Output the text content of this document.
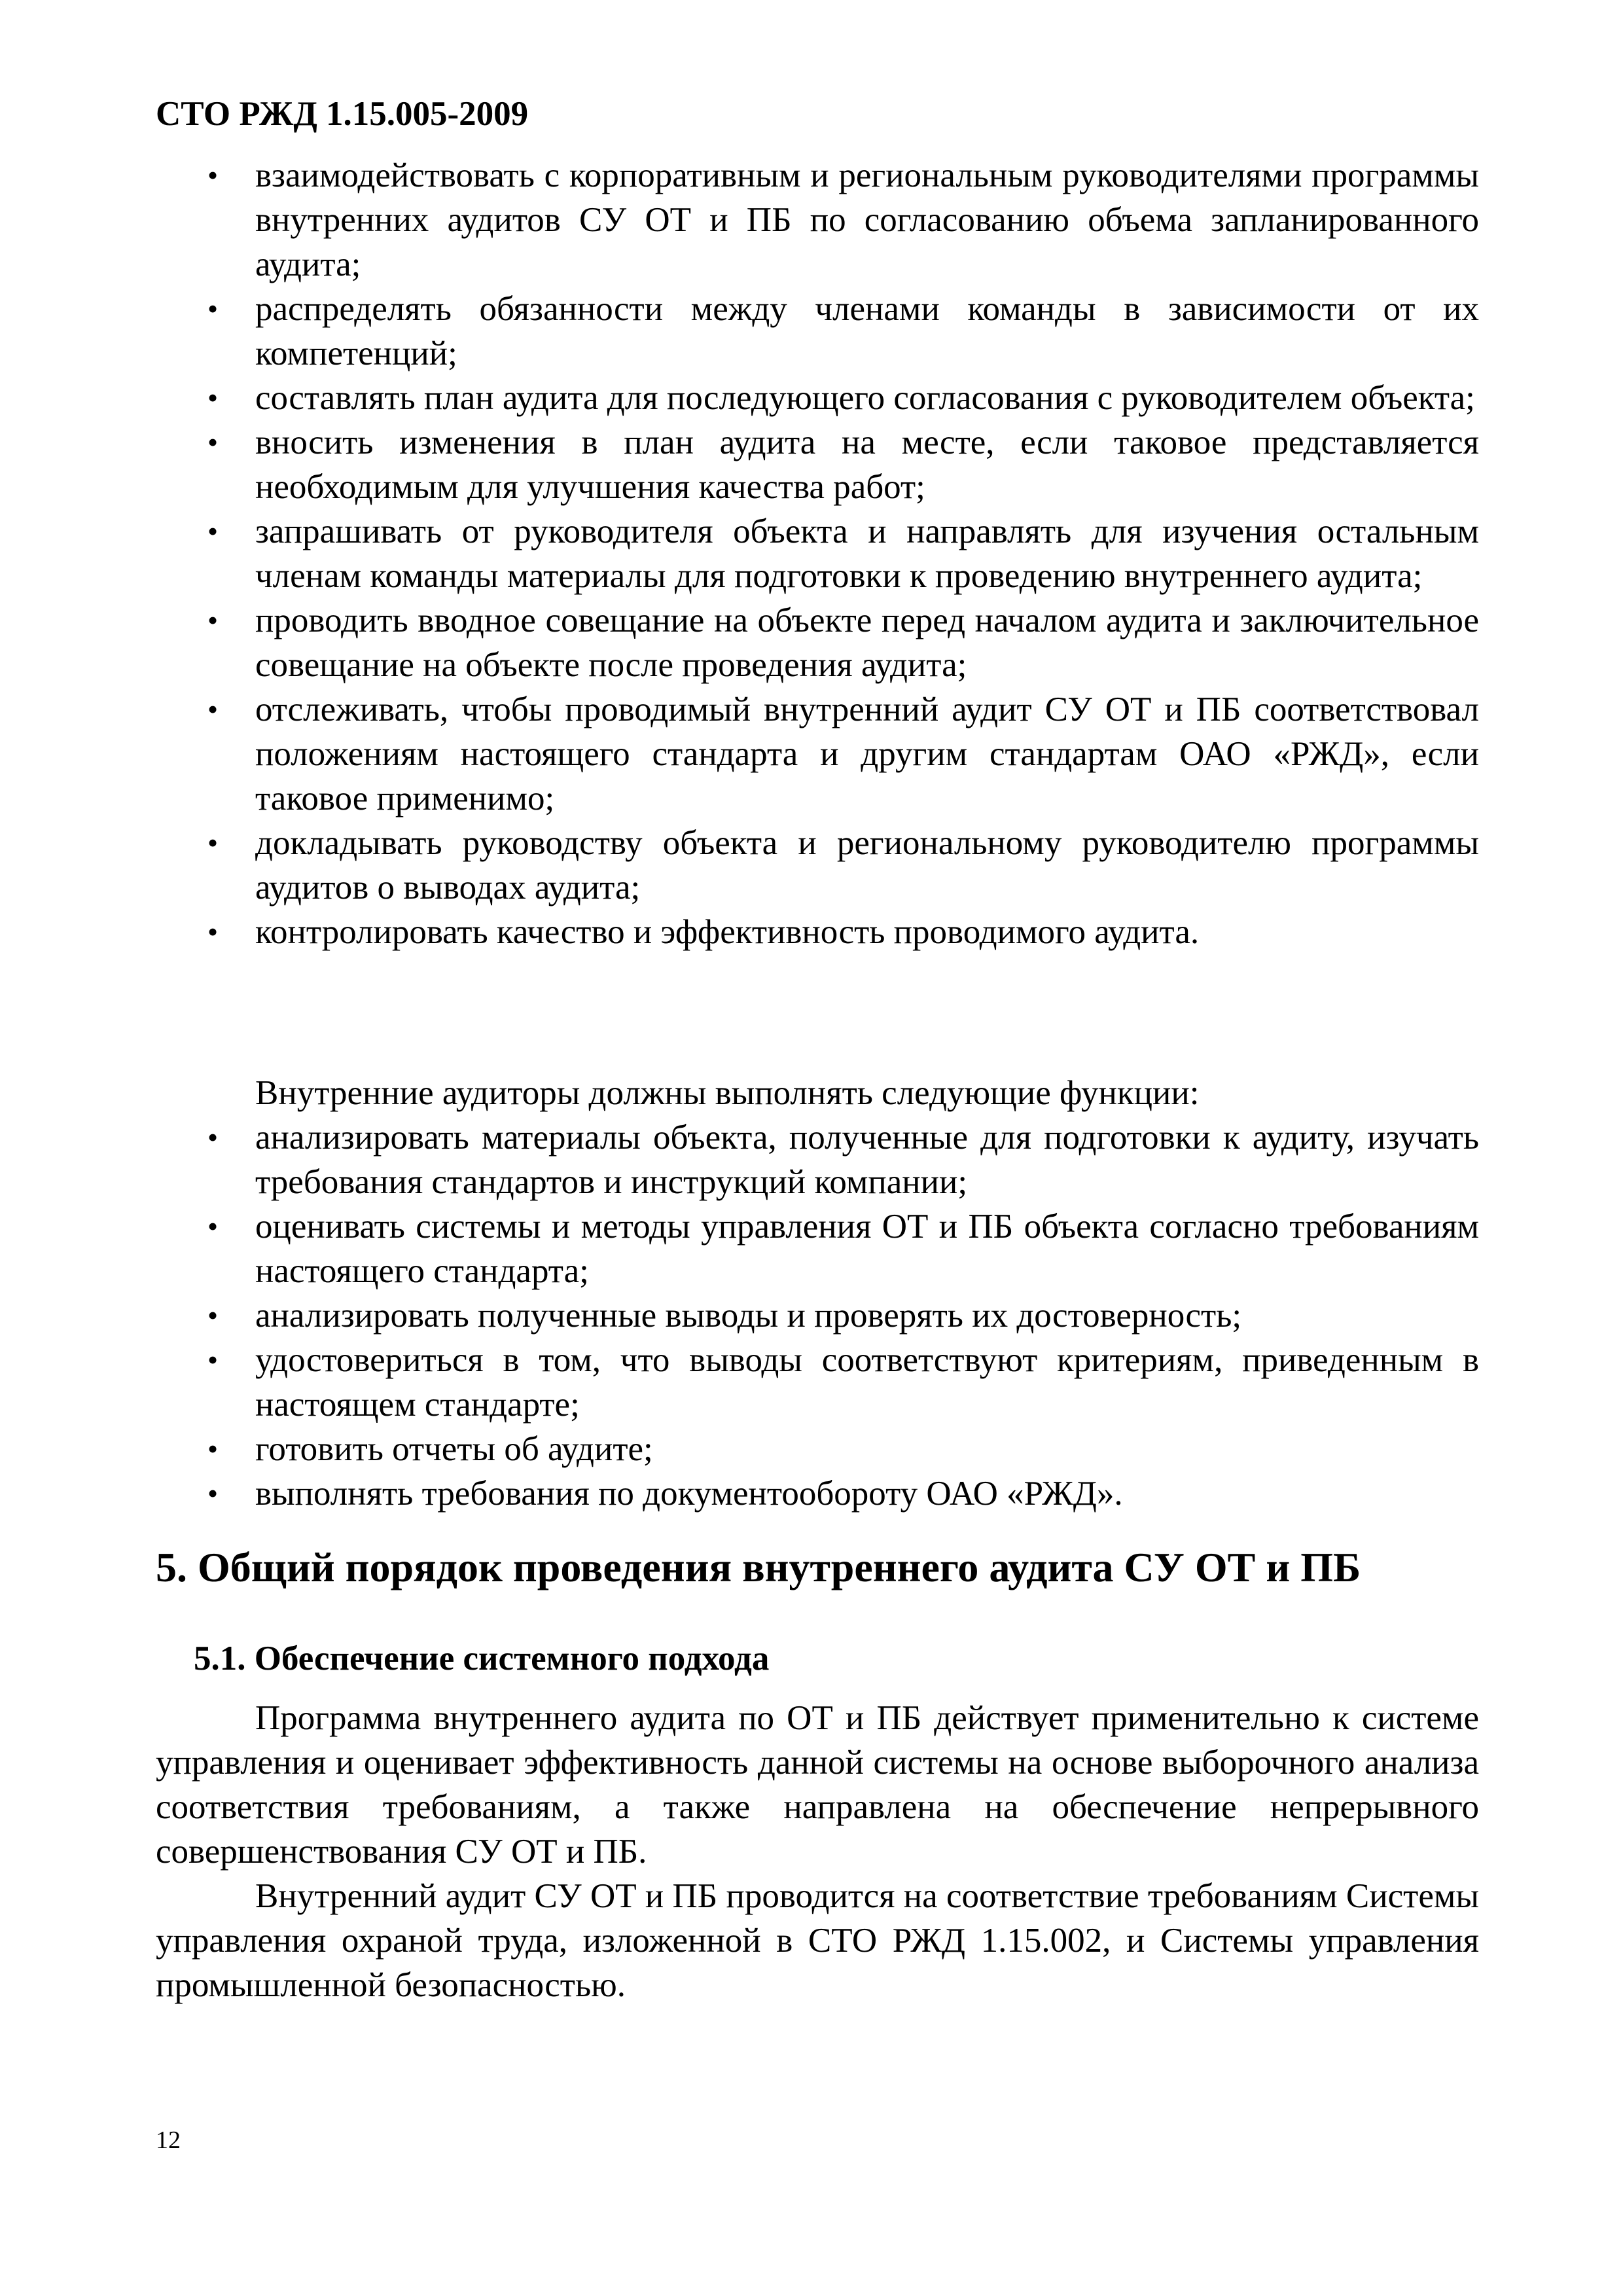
СТО РЖД 1.15.005-2009

• взаимодействовать с корпоративным и региональным руководителями программы внутренних аудитов СУ ОТ и ПБ по согласованию объема запланированного аудита;
• распределять обязанности между членами команды в зависимости от их компетенций;
• составлять план аудита для последующего согласования с руководителем объекта;
• вносить изменения в план аудита на месте, если таковое представляется необходимым для улучшения качества работ;
• запрашивать от руководителя объекта и направлять для изучения остальным членам команды материалы для подготовки к проведению внутреннего аудита;
• проводить вводное совещание на объекте перед началом аудита и заключительное совещание на объекте после проведения аудита;
• отслеживать, чтобы проводимый внутренний аудит СУ ОТ и ПБ соответствовал положениям настоящего стандарта и другим стандартам ОАО «РЖД», если таковое применимо;
• докладывать руководству объекта и региональному руководителю программы аудитов о выводах аудита;
• контролировать качество и эффективность проводимого аудита.
Внутренние аудиторы должны выполнять следующие функции:
• анализировать материалы объекта, полученные для подготовки к аудиту, изучать требования стандартов и инструкций компании;
• оценивать системы и методы управления ОТ и ПБ объекта согласно требованиям настоящего стандарта;
• анализировать полученные выводы и проверять их достоверность;
• удостовериться в том, что выводы соответствуют критериям, приведенным в настоящем стандарте;
• готовить отчеты об аудите;
• выполнять требования по документообороту ОАО «РЖД».
5. Общий порядок проведения внутреннего аудита СУ ОТ и ПБ
5.1. Обеспечение системного подхода

Программа внутреннего аудита по ОТ и ПБ действует применительно к системе управления и оценивает эффективность данной системы на основе выборочного анализа соответствия требованиям, а также направлена на обеспечение непрерывного совершенствования СУ ОТ и ПБ.

Внутренний аудит СУ ОТ и ПБ проводится на соответствие требованиям Системы управления охраной труда, изложенной в СТО РЖД 1.15.002, и Системы управления промышленной безопасностью.

12
